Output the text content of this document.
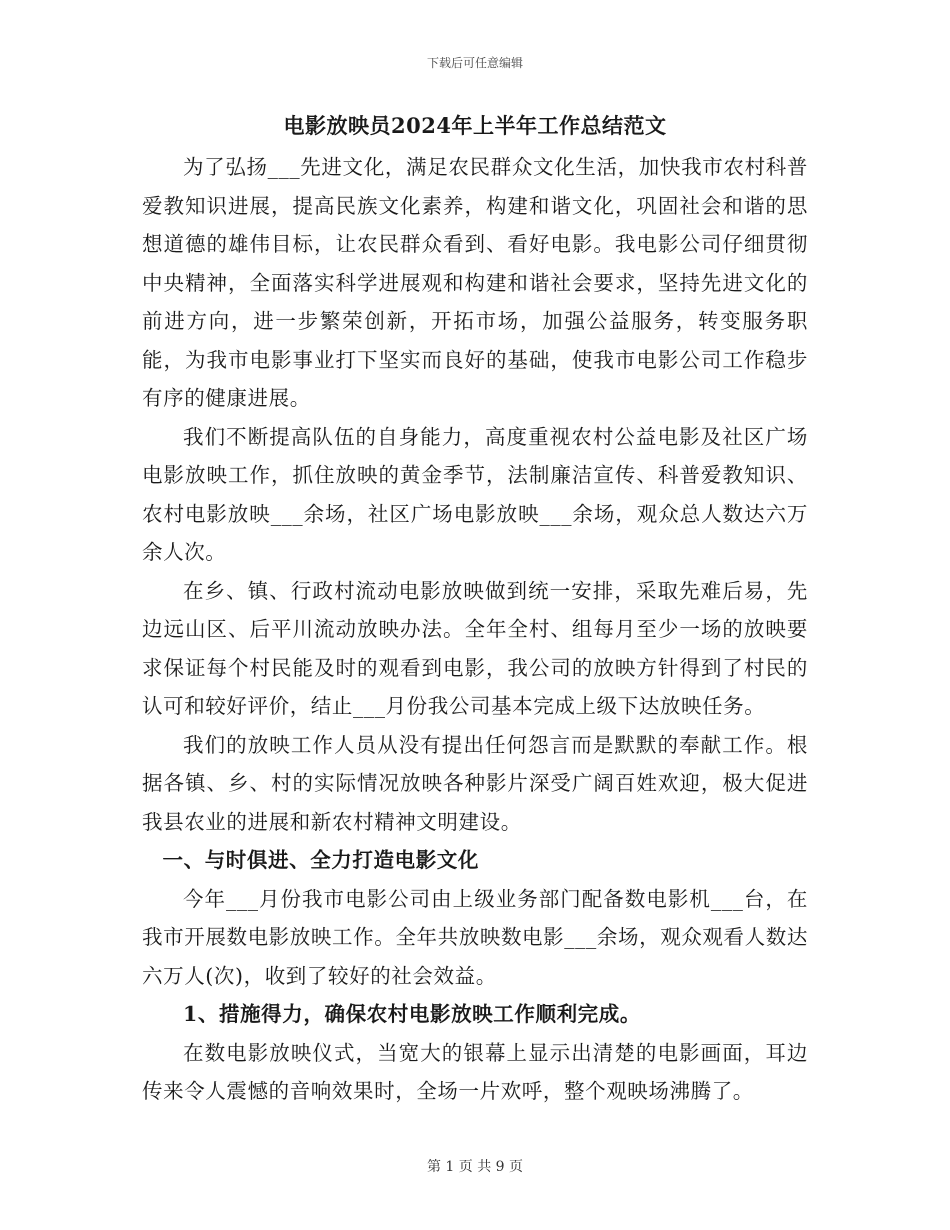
下载后可任意编辑
电影放映员2024年上半年工作总结范文

为了弘扬___先进文化，满足农民群众文化生活，加快我市农村科普爱教知识进展，提高民族文化素养，构建和谐文化，巩固社会和谐的思想道德的雄伟目标，让农民群众看到、看好电影。我电影公司仔细贯彻中央精神，全面落实科学进展观和构建和谐社会要求，坚持先进文化的前进方向，进一步繁荣创新，开拓市场，加强公益服务，转变服务职能，为我市电影事业打下坚实而良好的基础，使我市电影公司工作稳步有序的健康进展。

我们不断提高队伍的自身能力，高度重视农村公益电影及社区广场电影放映工作，抓住放映的黄金季节，法制廉洁宣传、科普爱教知识、农村电影放映___余场，社区广场电影放映___余场，观众总人数达六万余人次。

在乡、镇、行政村流动电影放映做到统一安排，采取先难后易，先边远山区、后平川流动放映办法。全年全村、组每月至少一场的放映要求保证每个村民能及时的观看到电影，我公司的放映方针得到了村民的认可和较好评价，结止___月份我公司基本完成上级下达放映任务。

我们的放映工作人员从没有提出任何怨言而是默默的奉献工作。根据各镇、乡、村的实际情况放映各种影片深受广阔百姓欢迎，极大促进我县农业的进展和新农村精神文明建设。

一、与时俱进、全力打造电影文化

今年___月份我市电影公司由上级业务部门配备数电影机___台，在我市开展数电影放映工作。全年共放映数电影___余场，观众观看人数达六万人(次)，收到了较好的社会效益。

1、措施得力，确保农村电影放映工作顺利完成。

在数电影放映仪式，当宽大的银幕上显示出清楚的电影画面，耳边传来令人震憾的音响效果时，全场一片欢呼，整个观映场沸腾了。

第 1 页 共 9 页
